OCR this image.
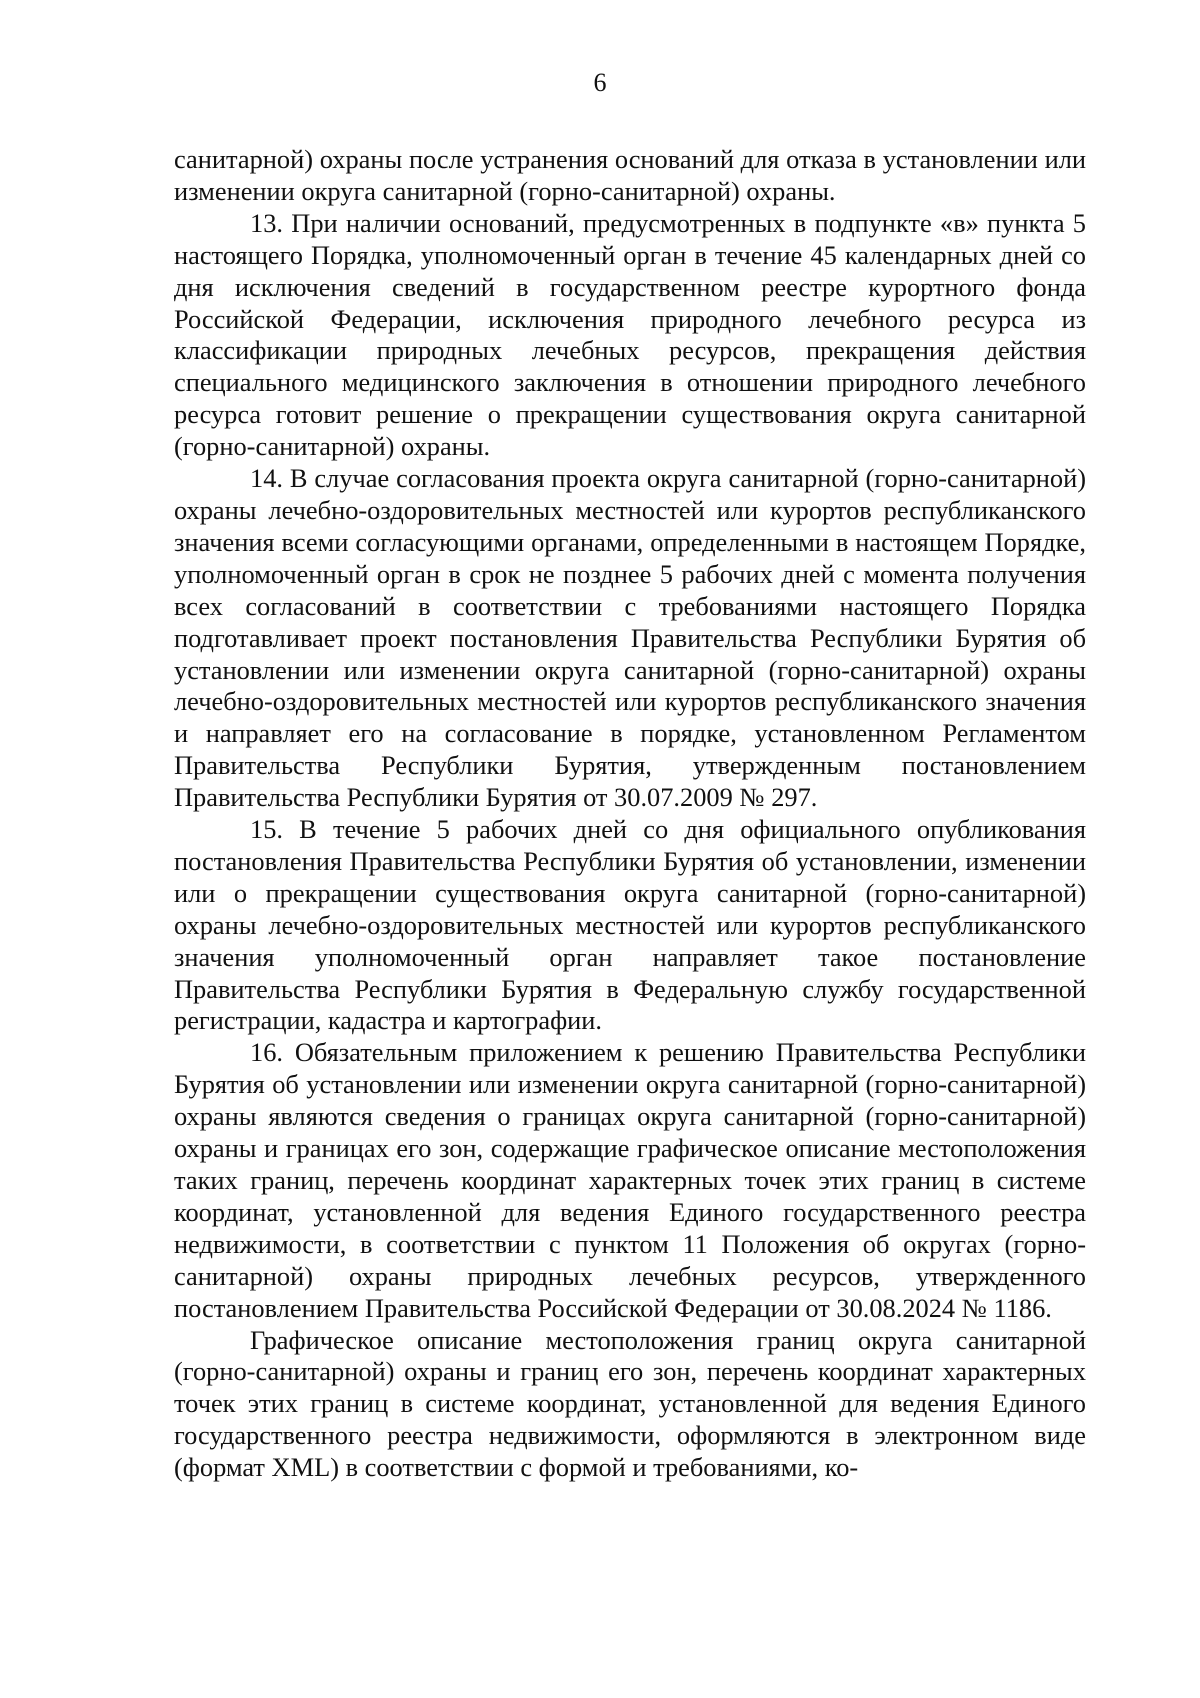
6

санитарной) охраны после устранения оснований для отказа в установлении или изменении округа санитарной (горно-санитарной) охраны.

13. При наличии оснований, предусмотренных в подпункте «в» пункта 5 настоящего Порядка, уполномоченный орган в течение 45 календарных дней со дня исключения сведений в государственном реестре курортного фонда Российской Федерации, исключения природного лечебного ресурса из классификации природных лечебных ресурсов, прекращения действия специального медицинского заключения в отношении природного лечебного ресурса готовит решение о прекращении существования округа санитарной (горно-санитарной) охраны.

14. В случае согласования проекта округа санитарной (горно-санитарной) охраны лечебно-оздоровительных местностей или курортов республиканского значения всеми согласующими органами, определенными в настоящем Порядке, уполномоченный орган в срок не позднее 5 рабочих дней с момента получения всех согласований в соответствии с требованиями настоящего Порядка подготавливает проект постановления Правительства Республики Бурятия об установлении или изменении округа санитарной (горно-санитарной) охраны лечебно-оздоровительных местностей или курортов республиканского значения и направляет его на согласование в порядке, установленном Регламентом Правительства Республики Бурятия, утвержденным постановлением Правительства Республики Бурятия от 30.07.2009 № 297.

15. В течение 5 рабочих дней со дня официального опубликования постановления Правительства Республики Бурятия об установлении, изменении или о прекращении существования округа санитарной (горно-санитарной) охраны лечебно-оздоровительных местностей или курортов республиканского значения уполномоченный орган направляет такое постановление Правительства Республики Бурятия в Федеральную службу государственной регистрации, кадастра и картографии.

16. Обязательным приложением к решению Правительства Республики Бурятия об установлении или изменении округа санитарной (горно-санитарной) охраны являются сведения о границах округа санитарной (горно-санитарной) охраны и границах его зон, содержащие графическое описание местоположения таких границ, перечень координат характерных точек этих границ в системе координат, установленной для ведения Единого государственного реестра недвижимости, в соответствии с пунктом 11 Положения об округах (горно-санитарной) охраны природных лечебных ресурсов, утвержденного постановлением Правительства Российской Федерации от 30.08.2024 № 1186.

Графическое описание местоположения границ округа санитарной (горно-санитарной) охраны и границ его зон, перечень координат характерных точек этих границ в системе координат, установленной для ведения Единого государственного реестра недвижимости, оформляются в электронном виде (формат XML) в соответствии с формой и требованиями, ко-
